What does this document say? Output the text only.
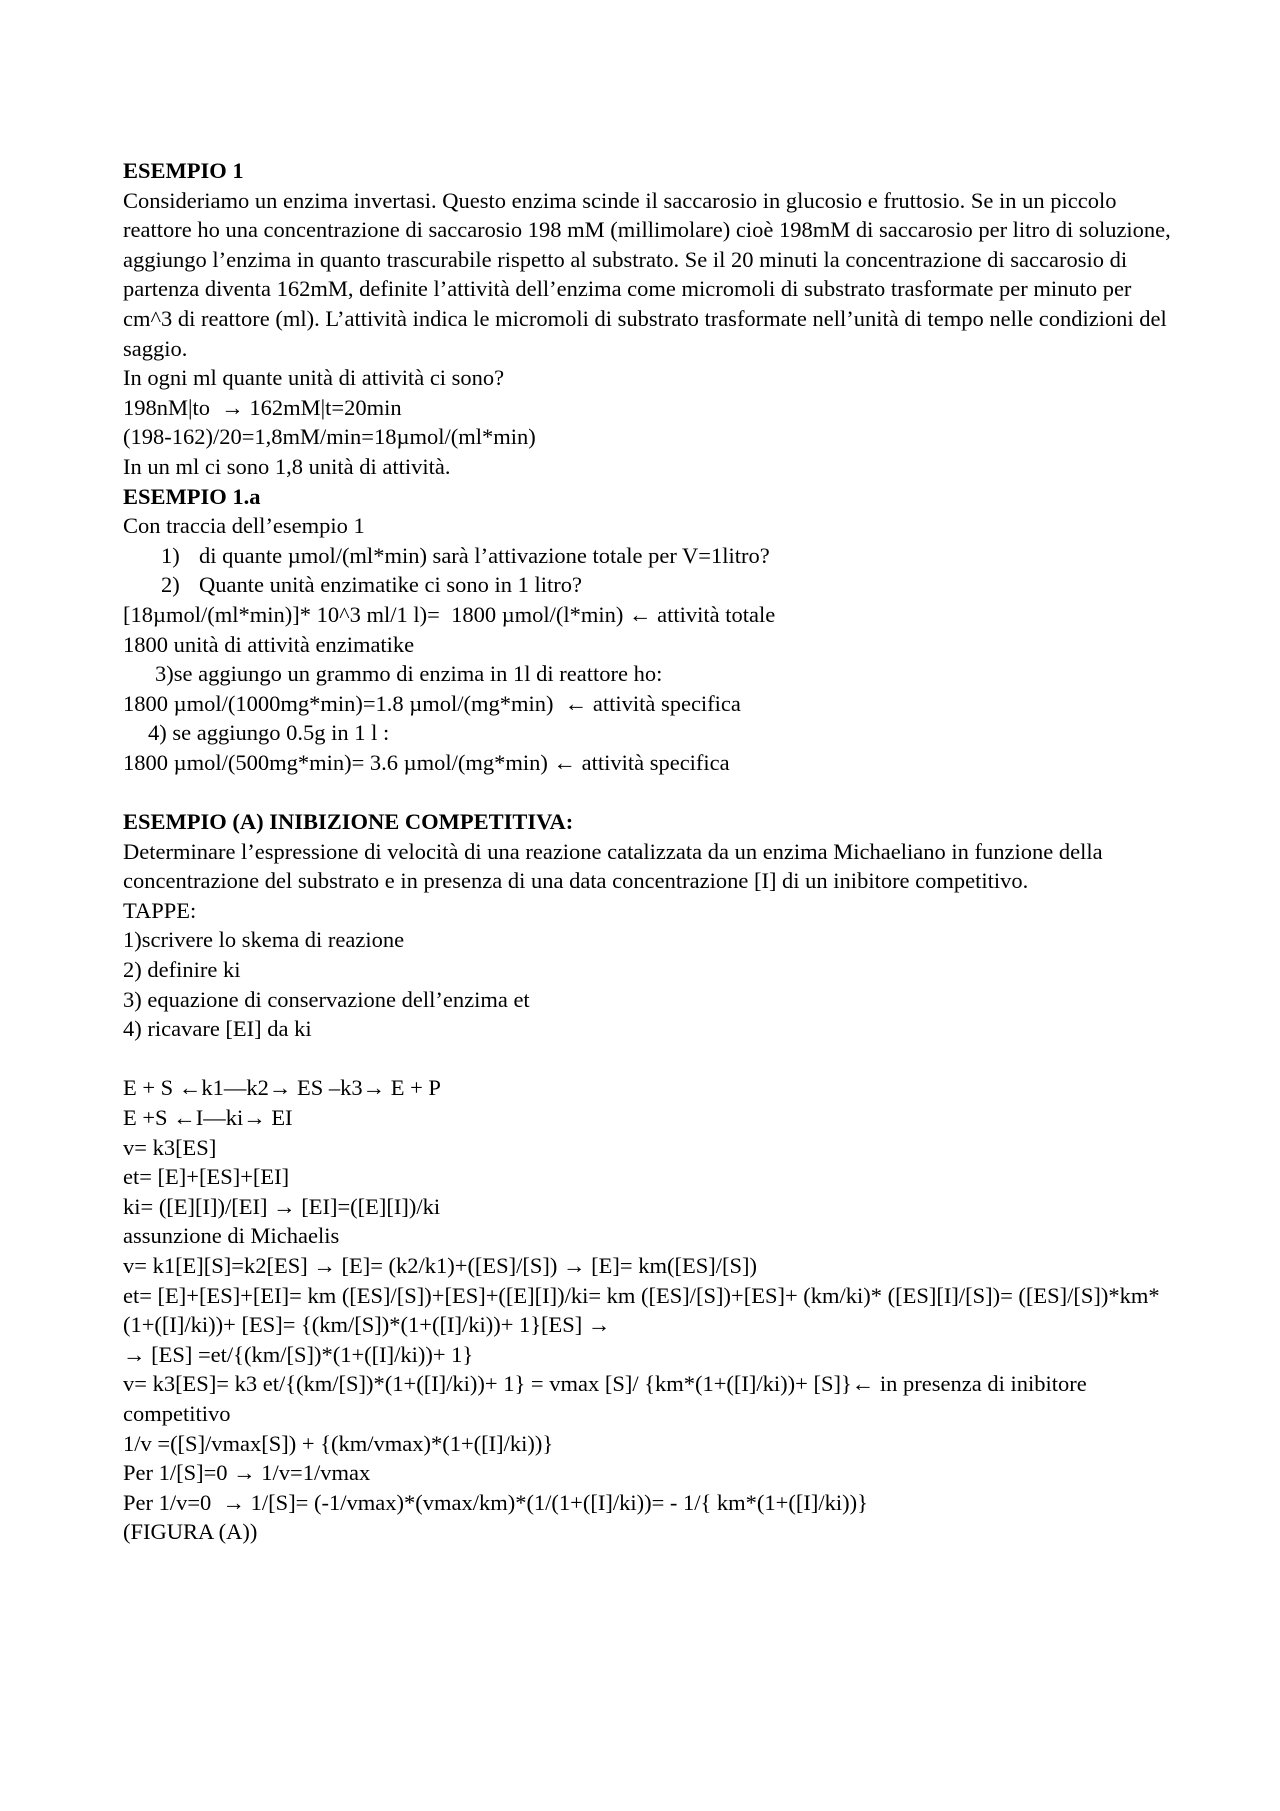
ESEMPIO 1
Consideriamo un enzima invertasi. Questo enzima scinde il saccarosio in glucosio e fruttosio. Se in un piccolo reattore ho una concentrazione di saccarosio 198 mM (millimolare) cioè 198mM di saccarosio per litro di soluzione, aggiungo l’enzima in quanto trascurabile rispetto al substrato. Se il 20 minuti la concentrazione di saccarosio di partenza diventa 162mM, definite l’attività dell’enzima come micromoli di substrato trasformate per minuto per cm^3 di reattore (ml). L’attività indica le micromoli di substrato trasformate nell’unità di tempo nelle condizioni del saggio.
In ogni ml quante unità di attività ci sono?
198nM|to  → 162mM|t=20min
(198-162)/20=1,8mM/min=18µmol/(ml*min)
In un ml ci sono 1,8 unità di attività.
ESEMPIO 1.a
Con traccia dell’esempio 1
1) di quante µmol/(ml*min) sarà l’attivazione totale per V=1litro?
2) Quante unità enzimatike ci sono in 1 litro?
[18µmol/(ml*min)]* 10^3 ml/1 l)=  1800 µmol/(l*min) ← attività totale
1800 unità di attività enzimatike
3)se aggiungo un grammo di enzima in 1l di reattore ho:
1800 µmol/(1000mg*min)=1.8 µmol/(mg*min)  ← attività specifica
4) se aggiungo 0.5g in 1 l :
1800 µmol/(500mg*min)= 3.6 µmol/(mg*min) ← attività specifica
ESEMPIO (A) INIBIZIONE COMPETITIVA:
Determinare l’espressione di velocità di una reazione catalizzata da un enzima Michaeliano in funzione della concentrazione del substrato e in presenza di una data concentrazione [I] di un inibitore competitivo.
TAPPE:
1)scrivere lo skema di reazione
2) definire ki
3) equazione di conservazione dell’enzima et
4) ricavare [EI] da ki
E + S ←k1—k2→ ES –k3→ E + P
E +S ←I—ki→ EI
v= k3[ES]
et= [E]+[ES]+[EI]
ki= ([E][I])/[EI] → [EI]=([E][I])/ki
assunzione di Michaelis
v= k1[E][S]=k2[ES] → [E]= (k2/k1)+([ES]/[S]) → [E]= km([ES]/[S])
et= [E]+[ES]+[EI]= km ([ES]/[S])+[ES]+([E][I])/ki= km ([ES]/[S])+[ES]+ (km/ki)* ([ES][I]/[S])= ([ES]/[S])*km*(1+([I]/ki))+ [ES]= {(km/[S])*(1+([I]/ki))+ 1}[ES] →
→ [ES] =et/{(km/[S])*(1+([I]/ki))+ 1}
v= k3[ES]= k3 et/{(km/[S])*(1+([I]/ki))+ 1} = vmax [S]/ {km*(1+([I]/ki))+ [S]}← in presenza di inibitore competitivo
1/v =([S]/vmax[S]) + {(km/vmax)*(1+([I]/ki))}
Per 1/[S]=0 → 1/v=1/vmax
Per 1/v=0  → 1/[S]= (-1/vmax)*(vmax/km)*(1/(1+([I]/ki))= - 1/{ km*(1+([I]/ki))}
(FIGURA (A))
